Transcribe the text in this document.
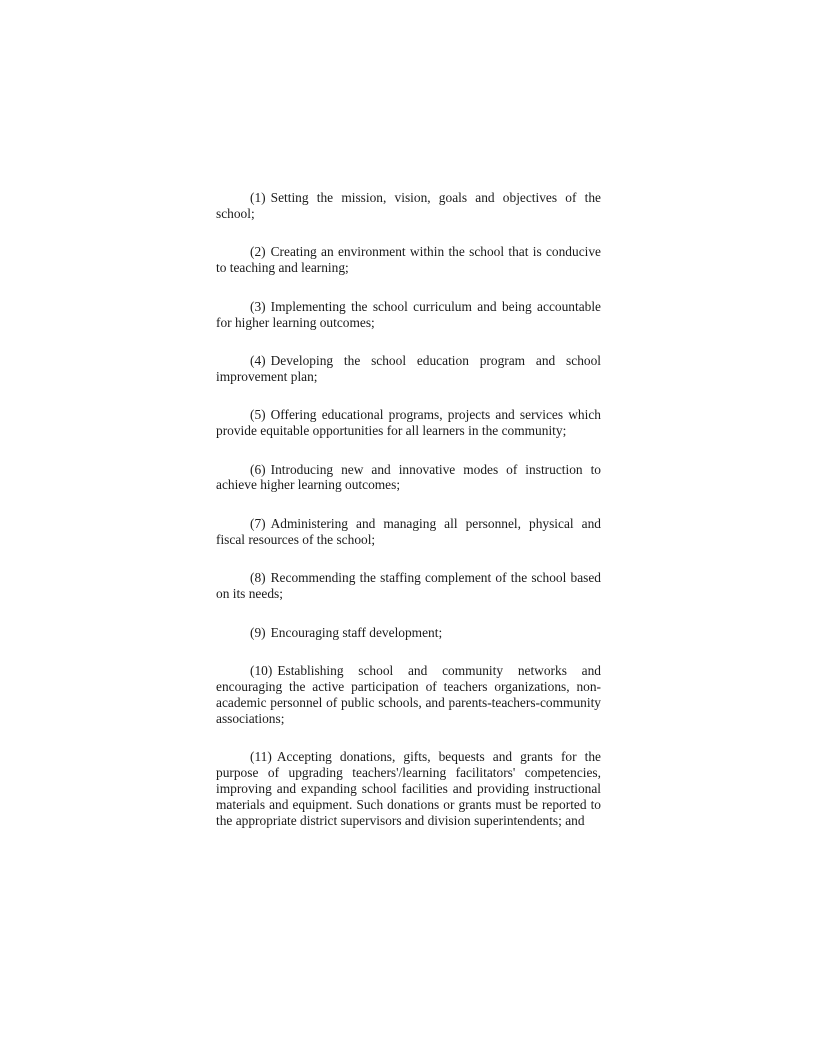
(1) Setting the mission, vision, goals and objectives of the school;

(2) Creating an environment within the school that is conducive to teaching and learning;

(3) Implementing the school curriculum and being accountable for higher learning outcomes;

(4) Developing the school education program and school improvement plan;

(5) Offering educational programs, projects and services which provide equitable opportunities for all learners in the community;

(6) Introducing new and innovative modes of instruction to achieve higher learning outcomes;

(7) Administering and managing all personnel, physical and fiscal resources of the school;

(8) Recommending the staffing complement of the school based on its needs;

(9) Encouraging staff development;

(10) Establishing school and community networks and encouraging the active participation of teachers organizations, non-academic personnel of public schools, and parents-teachers-community associations;

(11) Accepting donations, gifts, bequests and grants for the purpose of upgrading teachers'/learning facilitators' competencies, improving and expanding school facilities and providing instructional materials and equipment. Such donations or grants must be reported to the appropriate district supervisors and division superintendents; and
